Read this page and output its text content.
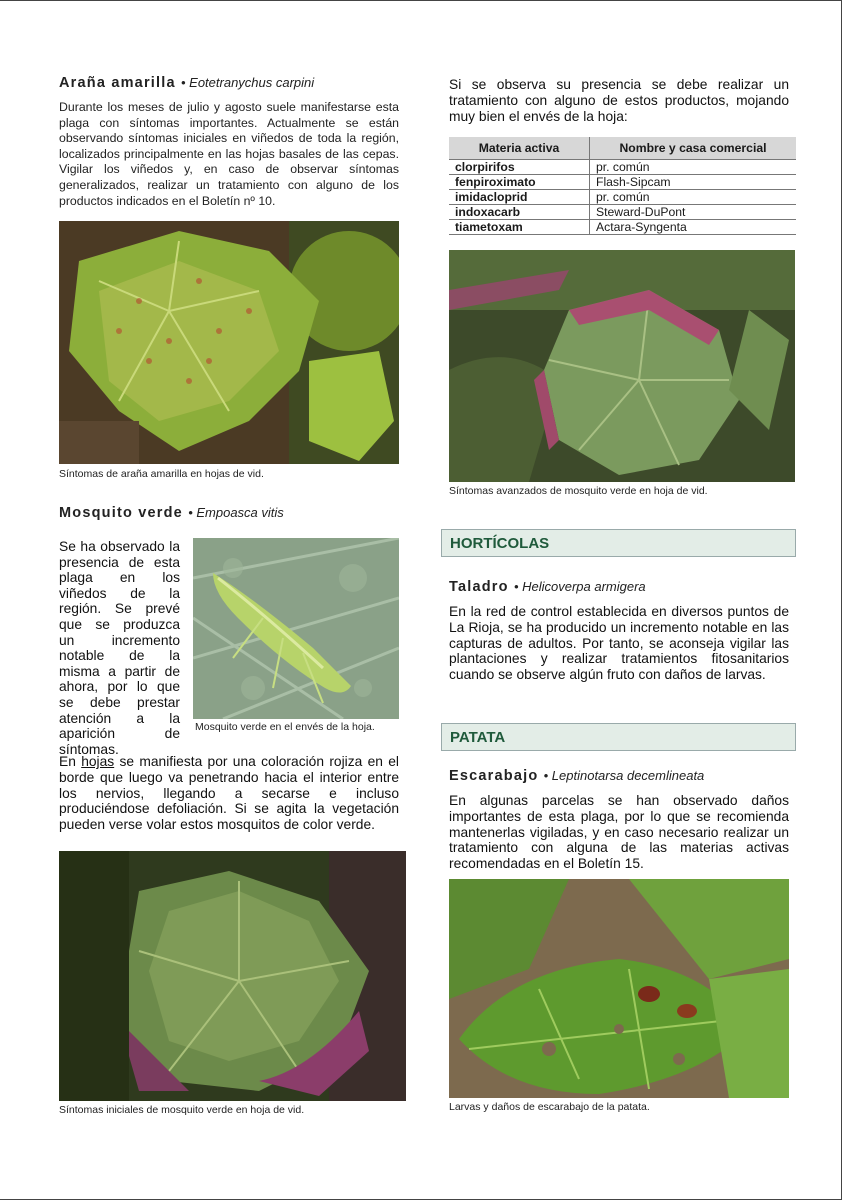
Araña amarilla • Eotetranychus carpini
Durante los meses de julio y agosto suele manifestarse esta plaga con síntomas importantes. Actualmente se están observando síntomas iniciales en viñedos de toda la región, localizados principalmente en las hojas basales de las cepas. Vigilar los viñedos y, en caso de observar síntomas generalizados, realizar un tratamiento con alguno de los productos indicados en el Boletín nº 10.
Síntomas de araña amarilla en hojas de vid.
Mosquito verde • Empoasca vitis
Se ha observado la presencia de esta plaga en los viñedos de la región. Se prevé que se produzca un incremento notable de la misma a partir de ahora, por lo que se debe prestar atención a la aparición de síntomas.
Mosquito verde en el envés de la hoja.
En hojas se manifiesta por una coloración rojiza en el borde que luego va penetrando hacia el interior entre los nervios, llegando a secarse e incluso produciéndose defoliación. Si se agita la vegetación pueden verse volar estos mosquitos de color verde.
Síntomas iniciales de mosquito verde en hoja de vid.
Si se observa su presencia se debe realizar un tratamiento con alguno de estos productos, mojando muy bien el envés de la hoja:
Materia activa	Nombre y casa comercial
clorpirifos	pr. común
fenpiroximato	Flash-Sipcam
imidacloprid	pr. común
indoxacarb	Steward-DuPont
tiametoxam	Actara-Syngenta
Síntomas avanzados de mosquito verde en hoja de vid.
HORTÍCOLAS
Taladro • Helicoverpa armigera
En la red de control establecida en diversos puntos de La Rioja, se ha producido un incremento notable en las capturas de adultos. Por tanto, se aconseja vigilar las plantaciones y realizar tratamientos fitosanitarios cuando se observe algún fruto con daños de larvas.
PATATA
Escarabajo • Leptinotarsa decemlineata
En algunas parcelas se han observado daños importantes de esta plaga, por lo que se recomienda mantenerlas vigiladas, y en caso necesario realizar un tratamiento con alguna de las materias activas recomendadas en el Boletín 15.
Larvas y daños de escarabajo de la patata.
